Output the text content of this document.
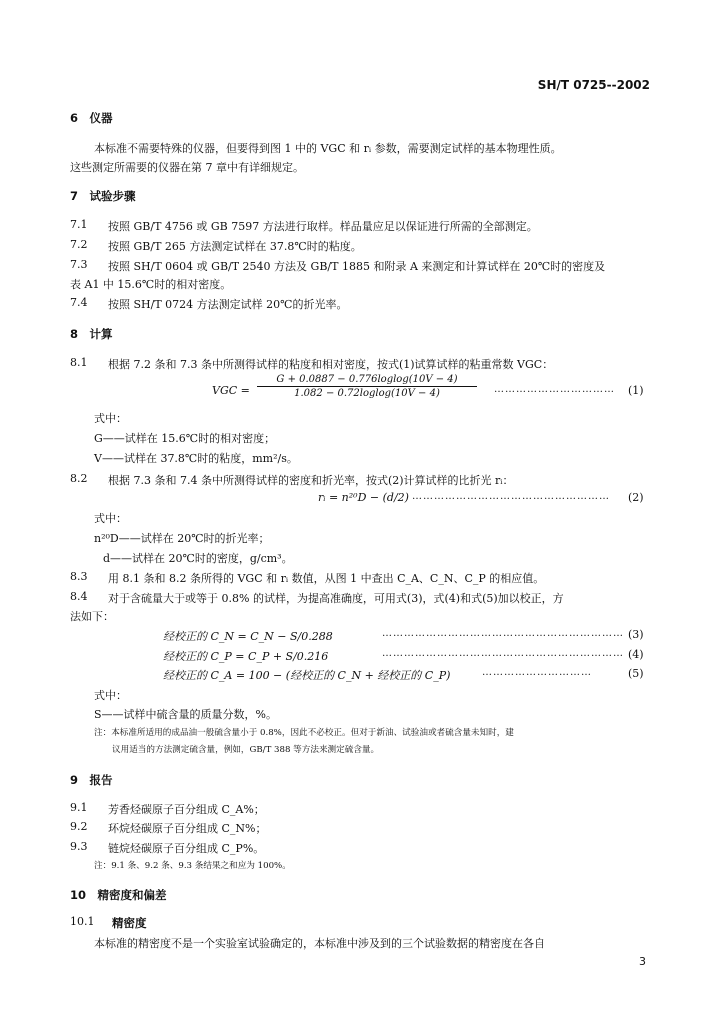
SH/T 0725--2002
6　仪器
本标准不需要特殊的仪器，但要得到图 1 中的 VGC 和 rᵢ 参数，需要测定试样的基本物理性质。
这些测定所需要的仪器在第 7 章中有详细规定。
7　试验步骤
7.1 按照 GB/T 4756 或 GB 7597 方法进行取样。样品量应足以保证进行所需的全部测定。
7.2 按照 GB/T 265 方法测定试样在 37.8℃时的粘度。
7.3 按照 SH/T 0604 或 GB/T 2540 方法及 GB/T 1885 和附录 A 来测定和计算试样在 20℃时的密度及
表 A1 中 15.6℃时的相对密度。
7.4 按照 SH/T 0724 方法测定试样 20℃的折光率。
8　计算
8.1 根据 7.2 条和 7.3 条中所测得试样的粘度和相对密度，按式(1)试算试样的粘重常数 VGC：
VGC = $\frac{\text{G + 0.0887 − 0.776loglog(10V − 4)}}{\text{1.082 − 0.72loglog(10V − 4)}}$ …………………………… (1)
式中：
G——试样在 15.6℃时的相对密度；
V——试样在 37.8℃时的粘度，mm²/s。
8.2 根据 7.3 条和 7.4 条中所测得试样的密度和折光率，按式(2)计算试样的比折光 rᵢ：
rᵢ = n²⁰D − (d/2) ……………………………………………… (2)
式中：
n²⁰D——试样在 20℃时的折光率；
d——试样在 20℃时的密度，g/cm³。
8.3 用 8.1 条和 8.2 条所得的 VGC 和 rᵢ 数值，从图 1 中查出 C_A、C_N、C_P 的相应值。
8.4 对于含硫量大于或等于 0.8% 的试样，为提高准确度，可用式(3)，式(4)和式(5)加以校正，方
法如下：
经校正的 C_N = C_N − S/0.288	………………………………………………………… (3)
经校正的 C_P = C_P + S/0.216	………………………………………………………… (4)
经校正的 C_A = 100 − (经校正的 C_N + 经校正的 C_P)	…………………………	(5)
式中：
S——试样中硫含量的质量分数，%。
注：本标准所适用的成品油一般硫含量小于 0.8%，因此不必校正。但对于新油、试验油或者硫含量未知时，建
议用适当的方法测定硫含量，例如，GB/T 388 等方法来测定硫含量。
9　报告
9.1 芳香烃碳原子百分组成 C_A%；
9.2 环烷烃碳原子百分组成 C_N%；
9.3 链烷烃碳原子百分组成 C_P%。
注：9.1 条、9.2 条、9.3 条结果之和应为 100%。
10　精密度和偏差
10.1 精密度
本标准的精密度不是一个实验室试验确定的，本标准中涉及到的三个试验数据的精密度在各自
3
